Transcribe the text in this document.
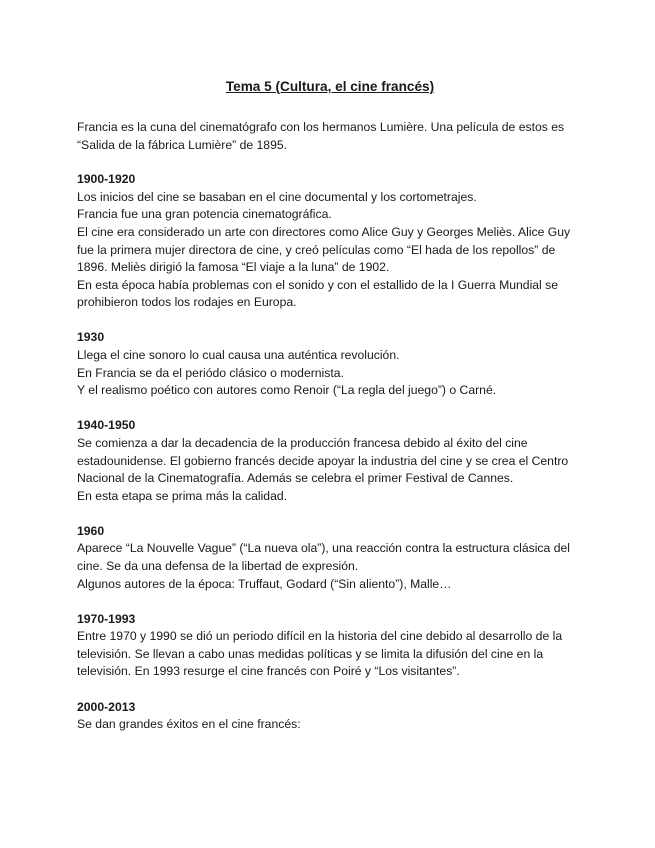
Tema 5 (Cultura, el cine francés)

Francia es la cuna del cinematógrafo con los hermanos Lumière. Una película de estos es “Salida de la fábrica Lumière” de 1895.

1900-1920

Los inicios del cine se basaban en el cine documental y los cortometrajes.

Francia fue una gran potencia cinematográfica.

El cine era considerado un arte con directores como Alice Guy y Georges Meliès. Alice Guy fue la primera mujer directora de cine, y creó películas como “El hada de los repollos” de 1896. Meliès dirigió la famosa “El viaje a la luna” de 1902.

En esta época había problemas con el sonido y con el estallido de la I Guerra Mundial se prohibieron todos los rodajes en Europa.

1930

Llega el cine sonoro lo cual causa una auténtica revolución.

En Francia se da el periódo clásico o modernista.

Y el realismo poético con autores como Renoir (“La regla del juego”) o Carné.

1940-1950

Se comienza a dar la decadencia de la producción francesa debido al éxito del cine estadounidense. El gobierno francés decide apoyar la industria del cine y se crea el Centro Nacional de la Cinematografía. Además se celebra el primer Festival de Cannes.

En esta etapa se prima más la calidad.

1960

Aparece “La Nouvelle Vague” (“La nueva ola”), una reacción contra la estructura clásica del cine. Se da una defensa de la libertad de expresión.

Algunos autores de la época: Truffaut, Godard (“Sin aliento”), Malle…

1970-1993

Entre 1970 y 1990 se dió un periodo difícil en la historia del cine debido al desarrollo de la televisión. Se llevan a cabo unas medidas políticas y se limita la difusión del cine en la televisión. En 1993 resurge el cine francés con Poiré y “Los visitantes”.

2000-2013

Se dan grandes éxitos en el cine francés:
